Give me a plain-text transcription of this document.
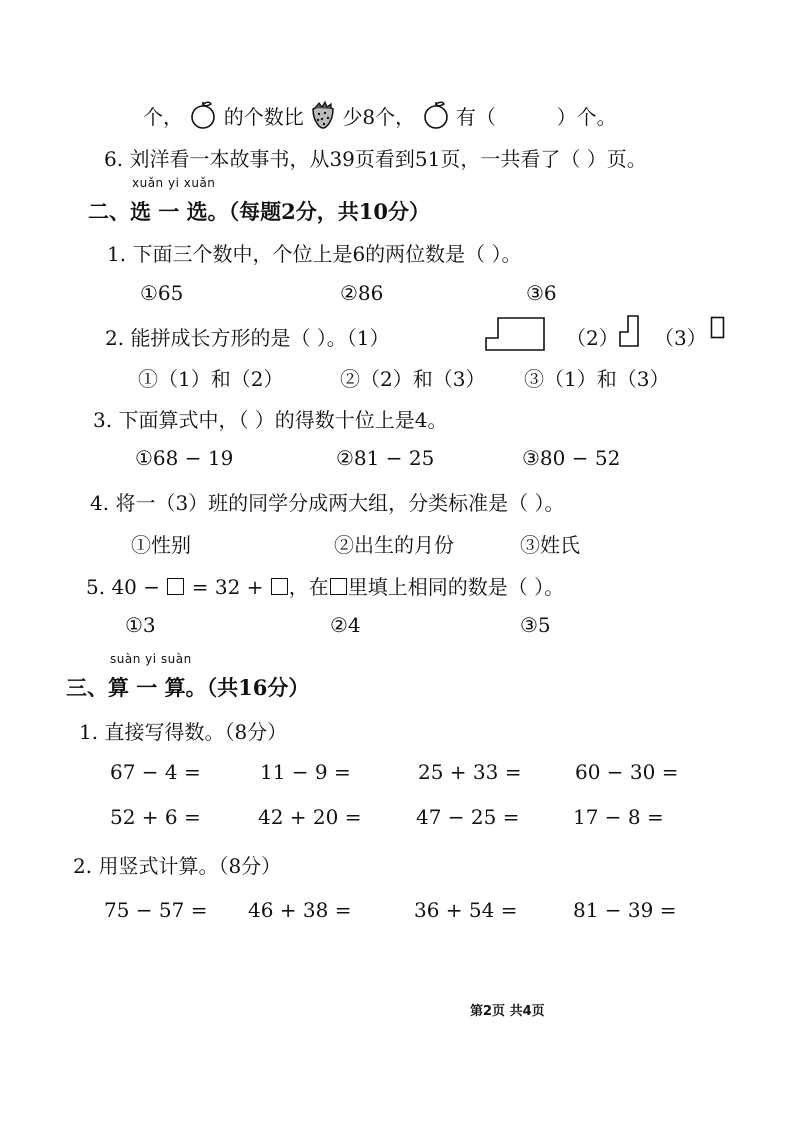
个， 的个数比 少8个， 有（	）个。
6. 刘洋看一本故事书，从39页看到51页，一共看了（ ）页。
xuǎn yi xuǎn
二、选 一 选。（每题2分，共10分）
1. 下面三个数中，个位上是6的两位数是（ ）。
①65	②86	③6
2. 能拼成长方形的是（ ）。（1）	（2） （3）
①（1）和（2）	②（2）和（3） ③（1）和（3）
3. 下面算式中，（ ）的得数十位上是4。
①68 − 19	②81 − 25	③80 − 52
4. 将一（3）班的同学分成两大组，分类标准是（ ）。
①性别	②出生的月份	③姓氏
5. 40 − = 32 + ，在 里填上相同的数是（ ）。
①3	②4	③5
suàn yi suàn
三、算 一 算。（共16分）
1. 直接写得数。（8分）
67 − 4 =	11 − 9 =	25 + 33 =	60 − 30 =
52 + 6 =	42 + 20 =	47 − 25 =	17 − 8 =
2. 用竖式计算。（8分）
75 − 57 = 46 + 38 =	36 + 54 =	81 − 39 =
第2页 共4页
